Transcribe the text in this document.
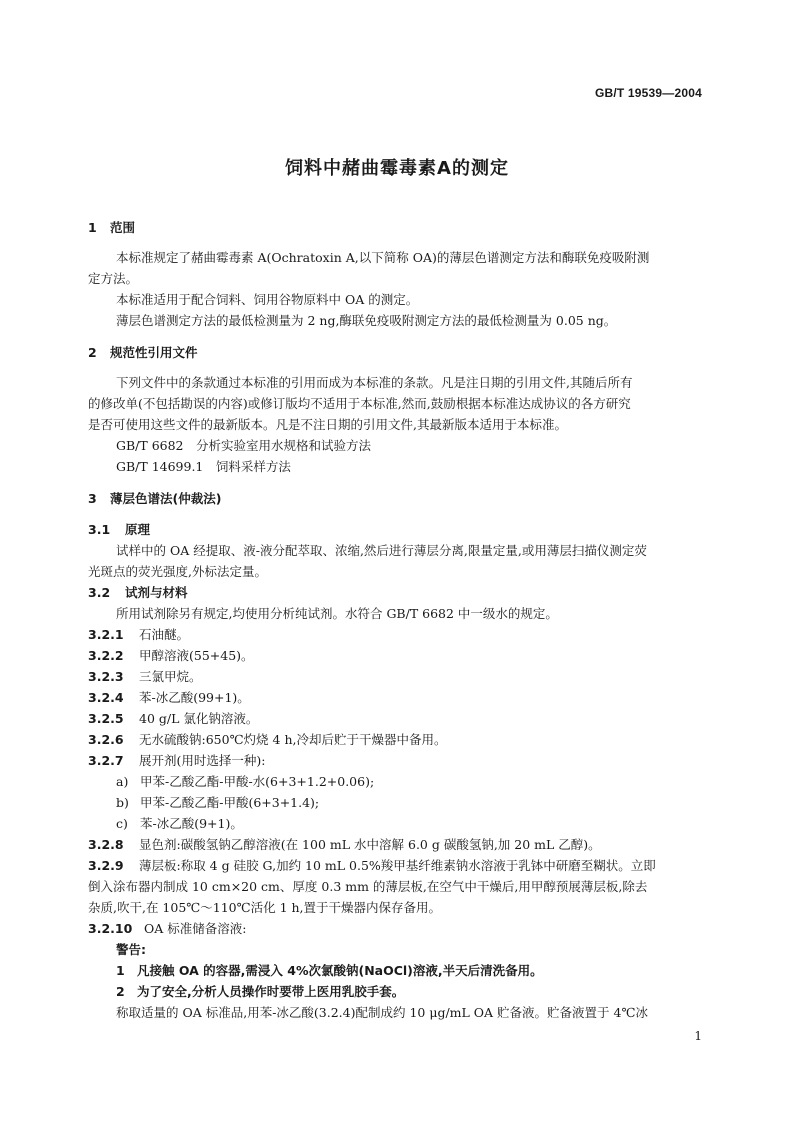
GB/T 19539—2004
饲料中赭曲霉毒素A的测定
1 范围
本标准规定了赭曲霉毒素 A(Ochratoxin A,以下简称 OA)的薄层色谱测定方法和酶联免疫吸附测
定方法。
本标准适用于配合饲料、饲用谷物原料中 OA 的测定。
薄层色谱测定方法的最低检测量为 2 ng,酶联免疫吸附测定方法的最低检测量为 0.05 ng。
2 规范性引用文件
下列文件中的条款通过本标准的引用而成为本标准的条款。凡是注日期的引用文件,其随后所有
的修改单(不包括勘误的内容)或修订版均不适用于本标准,然而,鼓励根据本标准达成协议的各方研究
是否可使用这些文件的最新版本。凡是不注日期的引用文件,其最新版本适用于本标准。
GB/T 6682　分析实验室用水规格和试验方法
GB/T 14699.1　饲料采样方法
3 薄层色谱法(仲裁法)
3.1 原理
试样中的 OA 经提取、液-液分配萃取、浓缩,然后进行薄层分离,限量定量,或用薄层扫描仪测定荧
光斑点的荧光强度,外标法定量。
3.2 试剂与材料
所用试剂除另有规定,均使用分析纯试剂。水符合 GB/T 6682 中一级水的规定。
3.2.1 石油醚。
3.2.2 甲醇溶液(55+45)。
3.2.3 三氯甲烷。
3.2.4 苯-冰乙酸(99+1)。
3.2.5 40 g/L 氯化钠溶液。
3.2.6 无水硫酸钠:650℃灼烧 4 h,冷却后贮于干燥器中备用。
3.2.7 展开剂(用时选择一种):
a) 甲苯-乙酸乙酯-甲酸-水(6+3+1.2+0.06);
b) 甲苯-乙酸乙酯-甲酸(6+3+1.4);
c) 苯-冰乙酸(9+1)。
3.2.8 显色剂:碳酸氢钠乙醇溶液(在 100 mL 水中溶解 6.0 g 碳酸氢钠,加 20 mL 乙醇)。
3.2.9 薄层板:称取 4 g 硅胶 G,加约 10 mL 0.5%羧甲基纤维素钠水溶液于乳钵中研磨至糊状。立即
倒入涂布器内制成 10 cm×20 cm、厚度 0.3 mm 的薄层板,在空气中干燥后,用甲醇预展薄层板,除去
杂质,吹干,在 105℃～110℃活化 1 h,置于干燥器内保存备用。
3.2.10 OA 标准储备溶液:
警告:
1 凡接触 OA 的容器,需浸入 4%次氯酸钠(NaOCl)溶液,半天后清洗备用。
2 为了安全,分析人员操作时要带上医用乳胶手套。
称取适量的 OA 标准品,用苯-冰乙酸(3.2.4)配制成约 10 μg/mL OA 贮备液。贮备液置于 4℃冰
1
